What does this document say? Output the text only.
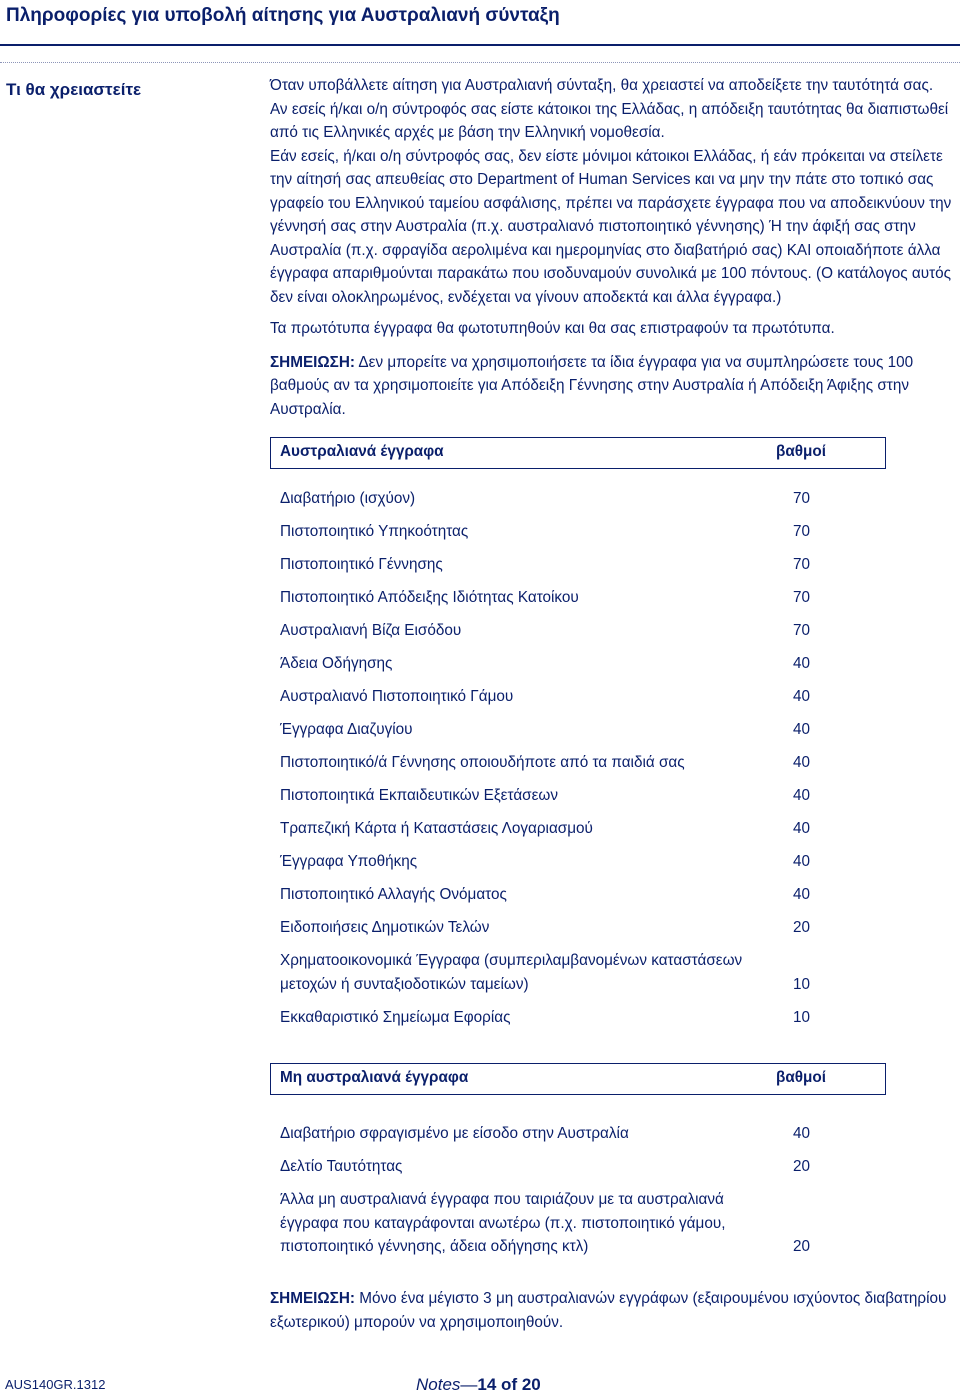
Πληροφορίες για υποβολή αίτησης για Αυστραλιανή σύνταξη
Τι θα χρειαστείτε	Όταν υποβάλλετε αίτηση για Αυστραλιανή σύνταξη, θα χρειαστεί να αποδείξετε την ταυτότητά σας. Αν εσείς ή/και ο/η σύντροφός σας είστε κάτοικοι της Ελλάδας, η απόδειξη ταυτότητας θα διαπιστωθεί από τις Ελληνικές αρχές με βάση την Ελληνική νομοθεσία.

Εάν εσείς, ή/και ο/η σύντροφός σας, δεν είστε μόνιμοι κάτοικοι Ελλάδας, ή εάν πρόκειται να στείλετε την αίτησή σας απευθείας στο Department of Human Services και να μην την πάτε στο τοπικό σας γραφείο του Ελληνικού ταμείου ασφάλισης, πρέπει να παράσχετε έγγραφα που να αποδεικνύουν την γέννησή σας στην Αυστραλία (π.χ. αυστραλιανό πιστοποιητικό γέννησης) Ή την άφιξή σας στην Αυστραλία (π.χ. σφραγίδα αερολιμένα και ημερομηνίας στο διαβατήριό σας) ΚΑΙ οποιαδήποτε άλλα έγγραφα απαριθμούνται παρακάτω που ισοδυναμούν συνολικά με 100 πόντους. (Ο κατάλογος αυτός δεν είναι ολοκληρωμένος, ενδέχεται να γίνουν αποδεκτά και άλλα έγγραφα.)

Τα πρωτότυπα έγγραφα θα φωτοτυπηθούν και θα σας επιστραφούν τα πρωτότυπα.

ΣΗΜΕΙΩΣΗ: Δεν μπορείτε να χρησιμοποιήσετε τα ίδια έγγραφα για να συμπληρώσετε τους 100 βαθμούς αν τα χρησιμοποιείτε για Απόδειξη Γέννησης στην Αυστραλία ή Απόδειξη Άφιξης στην Αυστραλία.

Αυστραλιανά έγγραφα	βαθμοί
Διαβατήριο (ισχύον)	70
Πιστοποιητικό Υπηκοότητας	70
Πιστοποιητικό Γέννησης	70
Πιστοποιητικό Απόδειξης Ιδιότητας Κατοίκου	70
Αυστραλιανή Βίζα Εισόδου	70
Άδεια Οδήγησης	40
Αυστραλιανό Πιστοποιητικό Γάμου	40
Έγγραφα Διαζυγίου	40
Πιστοποιητικό/ά Γέννησης οποιουδήποτε από τα παιδιά σας	40
Πιστοποιητικά Εκπαιδευτικών Εξετάσεων	40
Τραπεζική Κάρτα ή Καταστάσεις Λογαριασμού	40
Έγγραφα Υποθήκης	40
Πιστοποιητικό Αλλαγής Ονόματος	40
Ειδοποιήσεις Δημοτικών Τελών	20
Χρηματοοικονομικά Έγγραφα (συμπεριλαμβανομένων καταστάσεων μετοχών ή συνταξιοδοτικών ταμείων)	10
Εκκαθαριστικό Σημείωμα Εφορίας	10
Μη αυστραλιανά έγγραφα	βαθμοί
Διαβατήριο σφραγισμένο με είσοδο στην Αυστραλία	40
Δελτίο Ταυτότητας	20
Άλλα μη αυστραλιανά έγγραφα που ταιριάζουν με τα αυστραλιανά έγγραφα που καταγράφονται ανωτέρω (π.χ. πιστοποιητικό γάμου, πιστοποιητικό γέννησης, άδεια οδήγησης κτλ)	20
ΣΗΜΕΙΩΣΗ: Μόνο ένα μέγιστο 3 μη αυστραλιανών εγγράφων (εξαιρουμένου ισχύοντος διαβατηρίου εξωτερικού) μπορούν να χρησιμοποιηθούν.
AUS140GR.1312	Notes—14 of 20
